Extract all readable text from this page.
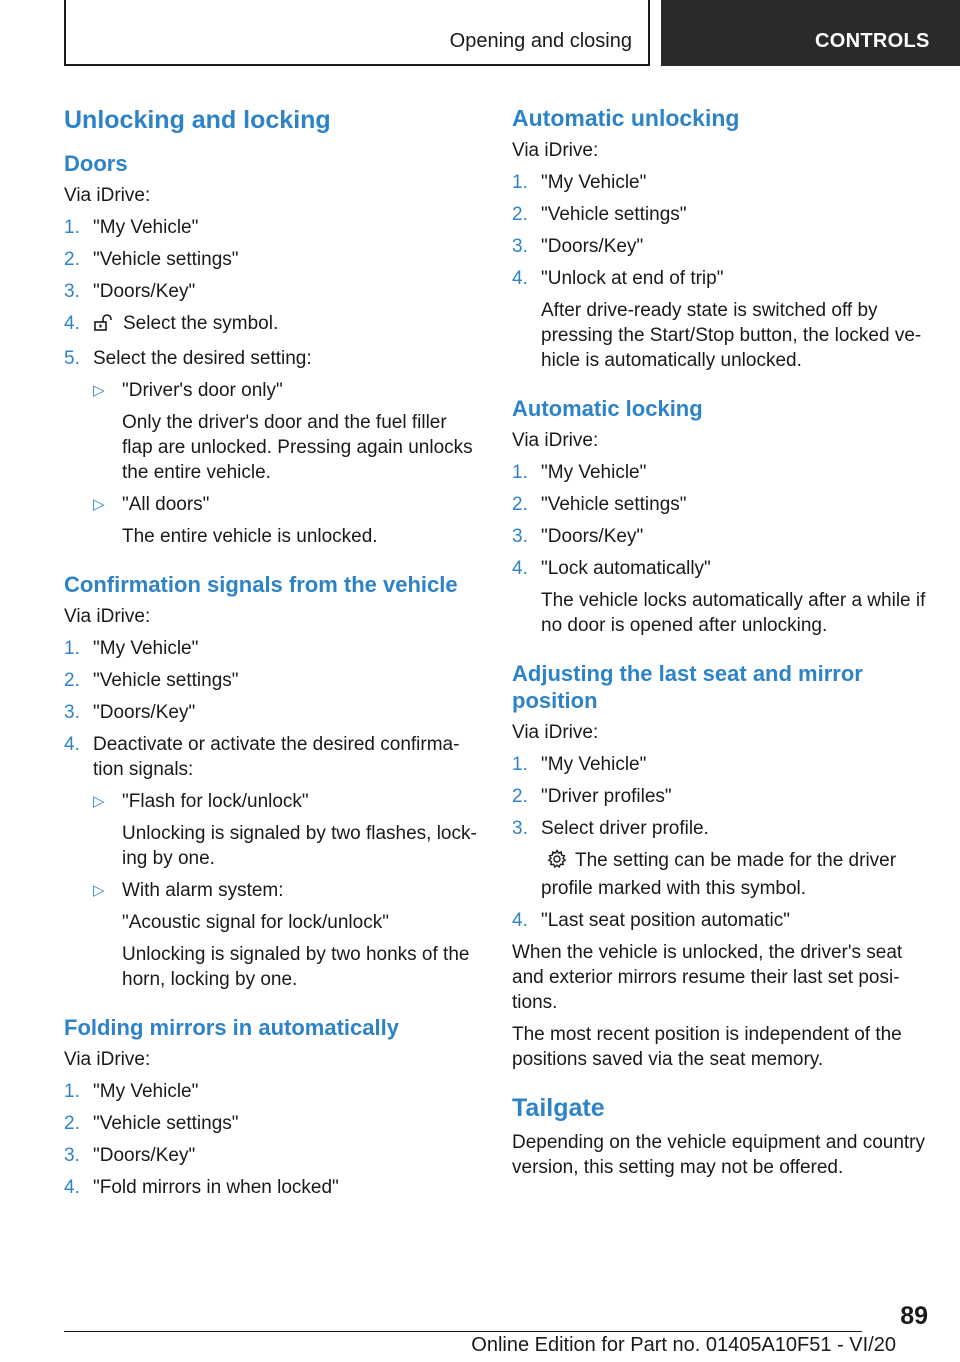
Opening and closing	CONTROLS
Unlocking and locking
Doors

Via iDrive:

1. "My Vehicle"
2. "Vehicle settings"
3. "Doors/Key"
4. Select the symbol.
5. Select the desired setting:
▷ "Driver's door only"
Only the driver's door and the fuel filler flap are unlocked. Pressing again unlocks the entire vehicle.
▷ "All doors"
The entire vehicle is unlocked.
Confirmation signals from the vehicle

Via iDrive:

1. "My Vehicle"
2. "Vehicle settings"
3. "Doors/Key"
4. Deactivate or activate the desired confirmation signals:
▷ "Flash for lock/unlock"
Unlocking is signaled by two flashes, locking by one.
▷ With alarm system:
"Acoustic signal for lock/unlock"
Unlocking is signaled by two honks of the horn, locking by one.
Folding mirrors in automatically

Via iDrive:

1. "My Vehicle"
2. "Vehicle settings"
3. "Doors/Key"
4. "Fold mirrors in when locked"
Automatic unlocking

Via iDrive:

1. "My Vehicle"
2. "Vehicle settings"
3. "Doors/Key"
4. "Unlock at end of trip"
After drive-ready state is switched off by pressing the Start/Stop button, the locked vehicle is automatically unlocked.
Automatic locking

Via iDrive:

1. "My Vehicle"
2. "Vehicle settings"
3. "Doors/Key"
4. "Lock automatically"
The vehicle locks automatically after a while if no door is opened after unlocking.
Adjusting the last seat and mirror position

Via iDrive:

1. "My Vehicle"
2. "Driver profiles"
3. Select driver profile.
The setting can be made for the driver profile marked with this symbol.
4. "Last seat position automatic"

When the vehicle is unlocked, the driver's seat and exterior mirrors resume their last set positions.

The most recent position is independent of the positions saved via the seat memory.

Tailgate

Depending on the vehicle equipment and country version, this setting may not be offered.

89
Online Edition for Part no. 01405A10F51 - VI/20
